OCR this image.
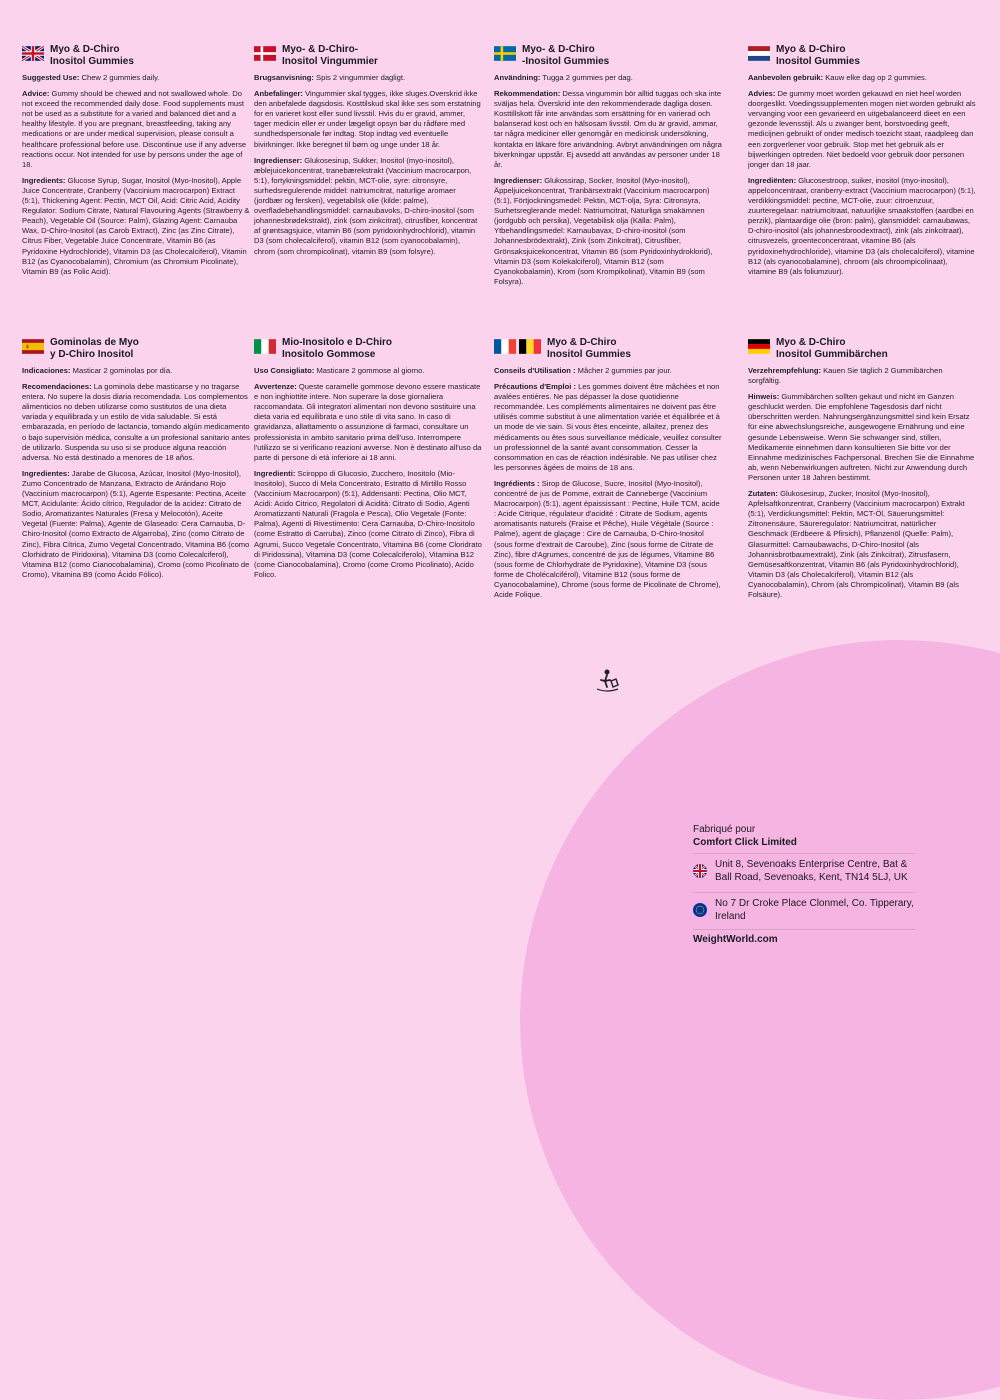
Myo & D-Chiro
Inositol Gummies

Suggested Use: Chew 2 gummies daily.

Advice: Gummy should be chewed and not swallowed whole. Do not exceed the recommended daily dose. Food supplements must not be used as a substitute for a varied and balanced diet and a healthy lifestyle. If you are pregnant, breastfeeding, taking any medications or are under medical supervision, please consult a healthcare professional before use. Discontinue use if any adverse reactions occur. Not intended for use by persons under the age of 18.

Ingredients: Glucose Syrup, Sugar, Inositol (Myo-Inositol), Apple Juice Concentrate, Cranberry (Vaccinium macrocarpon) Extract (5:1), Thickening Agent: Pectin, MCT Oil, Acid: Citric Acid, Acidity Regulator: Sodium Citrate, Natural Flavouring Agents (Strawberry & Peach), Vegetable Oil (Source: Palm), Glazing Agent: Carnauba Wax, D-Chiro-Inositol (as Carob Extract), Zinc (as Zinc Citrate), Citrus Fiber, Vegetable Juice Concentrate, Vitamin B6 (as Pyridoxine Hydrochloride), Vitamin D3 (as Cholecalciferol), Vitamin B12 (as Cyanocobalamin), Chromium (as Chromium Picolinate), Vitamin B9 (as Folic Acid).

Myo- & D-Chiro-
Inositol Vingummier

Brugsanvisning: Spis 2 vingummier dagligt.

Anbefalinger: Vingummier skal tygges, ikke sluges.Overskrid ikke den anbefalede dagsdosis. Kosttilskud skal ikke ses som erstatning for en varieret kost eller sund livsstil. Hvis du er gravid, ammer, tager medicin eller er under lægeligt opsyn bør du rådføre med sundhedspersonale før indtag. Stop indtag ved eventuelle bivirkninger. Ikke beregnet til børn og unge under 18 år.

Ingredienser: Glukosesirup, Sukker, Inositol (myo-inositol), æblejuicekoncentrat, tranebærekstrakt (Vaccinium macrocarpon, 5:1), fortykningsmiddel: pektin, MCT-olie, syre: citronsyre, surhedsregulerende middel: natriumcitrat, naturlige aromaer (jordbær og fersken), vegetabilsk olie (kilde: palme), overfladebehandlingsmiddel: carnaubavoks, D-chiro-inositol (som johannesbrødekstrakt), zink (som zinkcitrat), citrusfiber, koncentrat af grøntsagsjuice, vitamin B6 (som pyridoxinhydrochlorid), vitamin D3 (som cholecalciferol), vitamin B12 (som cyanocobalamin), chrom (som chrompicolinat), vitamin B9 (som folsyre).

Myo- & D-Chiro
-Inositol Gummies

Användning: Tugga 2 gummies per dag.

Rekommendation: Dessa vingummin bör alltid tuggas och ska inte sväljas hela. Överskrid inte den rekommenderade dagliga dosen. Kosttillskott får inte användas som ersättning för en varierad och balanserad kost och en hälsosam livsstil. Om du är gravid, ammar, tar några mediciner eller genomgår en medicinsk undersökning, kontakta en läkare före användning. Avbryt användningen om några biverkningar uppstår. Ej avsedd att användas av personer under 18 år.

Ingredienser: Glukossirap, Socker, Inositol (Myo-inositol), Äppeljuicekoncentrat, Tranbärsextrakt (Vaccinium macrocarpon) (5:1), Förtjockningsmedel: Pektin, MCT-olja, Syra: Citronsyra, Surhetsreglerande medel: Natriumcitrat, Naturliga smakämnen (jordgubb och persika), Vegetabilisk olja (Källa: Palm), Ytbehandlingsmedel: Karnaubavax, D-chiro-inositol (som Johannesbrödextrakt), Zink (som Zinkcitrat), Citrusfiber, Grönsaksjuicekoncentrat, Vitamin B6 (som Pyridoxinhydroklorid), Vitamin D3 (som Kolekalciferol), Vitamin B12 (som Cyanokobalamin), Krom (som Krompikolinat), Vitamin B9 (som Folsyra).

Myo & D-Chiro
Inositol Gummies

Aanbevolen gebruik: Kauw elke dag op 2 gummies.

Advies: De gummy moet worden gekauwd en niet heel worden doorgeslikt. Voedingssupplementen mogen niet worden gebruikt als vervanging voor een gevarieerd en uitgebalanceerd dieet en een gezonde levensstijl. Als u zwanger bent, borstvoeding geeft, medicijnen gebruikt of onder medisch toezicht staat, raadpleeg dan een zorgverlener voor gebruik. Stop met het gebruik als er bijwerkingen optreden. Niet bedoeld voor gebruik door personen jonger dan 18 jaar.

Ingrediënten: Glucosestroop, suiker, inositol (myo-inositol), appelconcentraat, cranberry-extract (Vaccinium macrocarpon) (5:1), verdikkingsmiddel: pectine, MCT-olie, zuur: citroenzuur, zuurteregelaar: natriumcitraat, natuurlijke smaakstoffen (aardbei en perzik), plantaardige olie (bron: palm), glansmiddel: carnaubawas, D-chiro-inositol (als johannesbroodextract), zink (als zinkcitraat), citrusvezels, groenteconcentraat, vitamine B6 (als pyridoxinehydrochloride), vitamine D3 (als cholecalciferol), vitamine B12 (als cyanocobalamine), chroom (als chroompicolinaat), vitamine B9 (als foliumzuur).

Gominolas de Myo
y D-Chiro Inositol

Indicaciones: Masticar 2 gominolas por día.

Recomendaciones: La gominola debe masticarse y no tragarse entera. No supere la dosis diaria recomendada. Los complementos alimenticios no deben utilizarse como sustitutos de una dieta variada y equilibrada y un estilo de vida saludable. Si está embarazada, en período de lactancia, tomando algún medicamento o bajo supervisión médica, consulte a un profesional sanitario antes de utilizarlo. Suspenda su uso si se produce alguna reacción adversa. No está destinado a menores de 18 años.

Ingredientes: Jarabe de Glucosa, Azúcar, Inositol (Myo-Inositol), Zumo Concentrado de Manzana, Extracto de Arándano Rojo (Vaccinium macrocarpon) (5:1), Agente Espesante: Pectina, Aceite MCT, Acidulante: Ácido cítrico, Regulador de la acidez: Citrato de Sodio, Aromatizantes Naturales (Fresa y Melocotón), Aceite Vegetal (Fuente: Palma), Agente de Glaseado: Cera Carnauba, D-Chiro-Inositol (como Extracto de Algarroba), Zinc (como Citrato de Zinc), Fibra Cítrica, Zumo Vegetal Concentrado, Vitamina B6 (como Clorhidrato de Piridoxina), Vitamina D3 (como Colecalciferol), Vitamina B12 (como Cianocobalamina), Cromo (como Picolinato de Cromo), Vitamina B9 (como Ácido Fólico).

Mio-Inositolo e D-Chiro
Inositolo Gommose

Uso Consigliato: Masticare 2 gommose al giorno.

Avvertenze: Queste caramelle gommose devono essere masticate e non inghiottite intere. Non superare la dose giornaliera raccomandata. Gli integratori alimentari non devono sostituire una dieta varia ed equilibrata e uno stile di vita sano. In caso di gravidanza, allattamento o assunzione di farmaci, consultare un professionista in ambito sanitario prima dell'uso. Interrompere l'utilizzo se si verificano reazioni avverse. Non è destinato all'uso da parte di persone di età inferiore ai 18 anni.

Ingredienti: Sciroppo di Glucosio, Zucchero, Inositolo (Mio-Inositolo), Succo di Mela Concentrato, Estratto di Mirtillo Rosso (Vaccinium Macrocarpon) (5:1), Addensanti: Pectina, Olio MCT, Acidi: Acido Citrico, Regolatori di Acidità: Citrato di Sodio, Agenti Aromatizzanti Naturali (Fragola e Pesca), Olio Vegetale (Fonte: Palma), Agenti di Rivestimento: Cera Carnauba, D-Chiro-Inositolo (come Estratto di Carruba), Zinco (come Citrato di Zinco), Fibra di Agrumi, Succo Vegetale Concentrato, Vitamina B6 (come Cloridrato di Piridossina), Vitamina D3 (come Colecalciferolo), Vitamina B12 (come Cianocobalamina), Cromo (come Cromo Picolinato), Acido Folico.

Myo & D-Chiro
Inositol Gummies

Conseils d'Utilisation : Mâcher 2 gummies par jour.

Précautions d'Emploi : Les gommes doivent être mâchées et non avalées entières. Ne pas dépasser la dose quotidienne recommandée. Les compléments alimentaires ne doivent pas être utilisés comme substitut à une alimentation variée et équilibrée et à un mode de vie sain. Si vous êtes enceinte, allaitez, prenez des médicaments ou êtes sous surveillance médicale, veuillez consulter un professionnel de la santé avant consommation. Cesser la consommation en cas de réaction indésirable. Ne pas utiliser chez les personnes âgées de moins de 18 ans.

Ingrédients : Sirop de Glucose, Sucre, Inositol (Myo-Inositol), concentré de jus de Pomme, extrait de Canneberge (Vaccinium Macrocarpon) (5:1), agent épaississant : Pectine, Huile TCM, acide : Acide Citrique, régulateur d'acidité : Citrate de Sodium, agents aromatisants naturels (Fraise et Pêche), Huile Végétale (Source : Palme), agent de glaçage : Cire de Carnauba, D-Chiro-Inositol (sous forme d'extrait de Caroube), Zinc (sous forme de Citrate de Zinc), fibre d'Agrumes, concentré de jus de légumes, Vitamine B6 (sous forme de Chlorhydrate de Pyridoxine), Vitamine D3 (sous forme de Cholécalciférol), Vitamine B12 (sous forme de Cyanocobalamine), Chrome (sous forme de Picolinate de Chrome), Acide Folique.

Myo & D-Chiro
Inositol Gummibärchen

Verzehrempfehlung: Kauen Sie täglich 2 Gummibärchen sorgfältig.

Hinweis: Gummibärchen sollten gekaut und nicht im Ganzen geschluckt werden. Die empfohlene Tagesdosis darf nicht überschritten werden. Nahrungsergänzungsmittel sind kein Ersatz für eine abwechslungsreiche, ausgewogene Ernährung und eine gesunde Lebensweise. Wenn Sie schwanger sind, stillen, Medikamente einnehmen dann konsultieren Sie bitte vor der Einnahme medizinisches Fachpersonal. Brechen Sie die Einnahme ab, wenn Nebenwirkungen auftreten. Nicht zur Anwendung durch Personen unter 18 Jahren bestimmt.

Zutaten: Glukosesirup, Zucker, Inositol (Myo-Inositol), Apfelsaftkonzentrat, Cranberry (Vaccinium macrocarpon) Extrakt (5:1), Verdickungsmittel: Pektin, MCT-Öl, Säuerungsmittel: Zitronensäure, Säureregulator: Natriumcitrat, natürlicher Geschmack (Erdbeere & Pfirsich), Pflanzenöl (Quelle: Palm), Glasurmittel: Carnaubawachs, D-Chiro-Inositol (als Johannisbrotbaumextrakt), Zink (als Zinkcitrat), Zitrusfasern, Gemüsesaftkonzentrat, Vitamin B6 (als Pyridoxinhydrochlorid), Vitamin D3 (als Cholecalciferol), Vitamin B12 (als Cyanocobalamin), Chrom (als Chrompicolinat), Vitamin B9 (als Folsäure).

Fabriqué pour
Comfort Click Limited
Unit 8, Sevenoaks Enterprise Centre, Bat & Ball Road, Sevenoaks, Kent, TN14 5LJ, UK
No 7 Dr Croke Place Clonmel, Co. Tipperary, Ireland
WeightWorld.com
